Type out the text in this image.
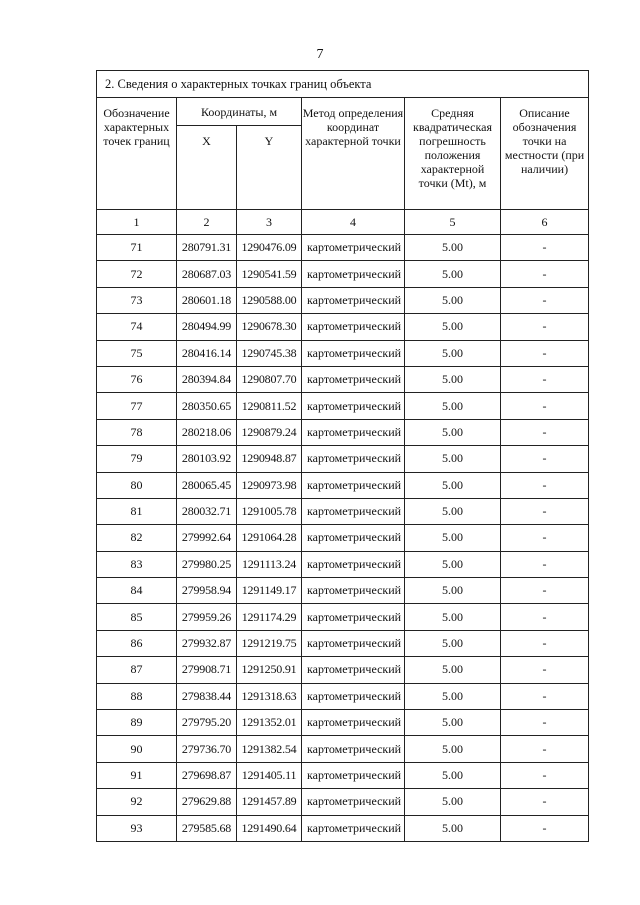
7
2. Сведения о характерных точках границ объекта					
Обозначение характерных точек границ	Координаты, м		Метод определения координат характерной точки	Средняя квадратическая погрешность положения характерной точки (Mt), м	Описание обозначения точки на местности (при наличии)
	X	Y			
1	2	3	4	5	6
71	280791.31	1290476.09	картометрический	5.00	-
72	280687.03	1290541.59	картометрический	5.00	-
73	280601.18	1290588.00	картометрический	5.00	-
74	280494.99	1290678.30	картометрический	5.00	-
75	280416.14	1290745.38	картометрический	5.00	-
76	280394.84	1290807.70	картометрический	5.00	-
77	280350.65	1290811.52	картометрический	5.00	-
78	280218.06	1290879.24	картометрический	5.00	-
79	280103.92	1290948.87	картометрический	5.00	-
80	280065.45	1290973.98	картометрический	5.00	-
81	280032.71	1291005.78	картометрический	5.00	-
82	279992.64	1291064.28	картометрический	5.00	-
83	279980.25	1291113.24	картометрический	5.00	-
84	279958.94	1291149.17	картометрический	5.00	-
85	279959.26	1291174.29	картометрический	5.00	-
86	279932.87	1291219.75	картометрический	5.00	-
87	279908.71	1291250.91	картометрический	5.00	-
88	279838.44	1291318.63	картометрический	5.00	-
89	279795.20	1291352.01	картометрический	5.00	-
90	279736.70	1291382.54	картометрический	5.00	-
91	279698.87	1291405.11	картометрический	5.00	-
92	279629.88	1291457.89	картометрический	5.00	-
93	279585.68	1291490.64	картометрический	5.00	-
